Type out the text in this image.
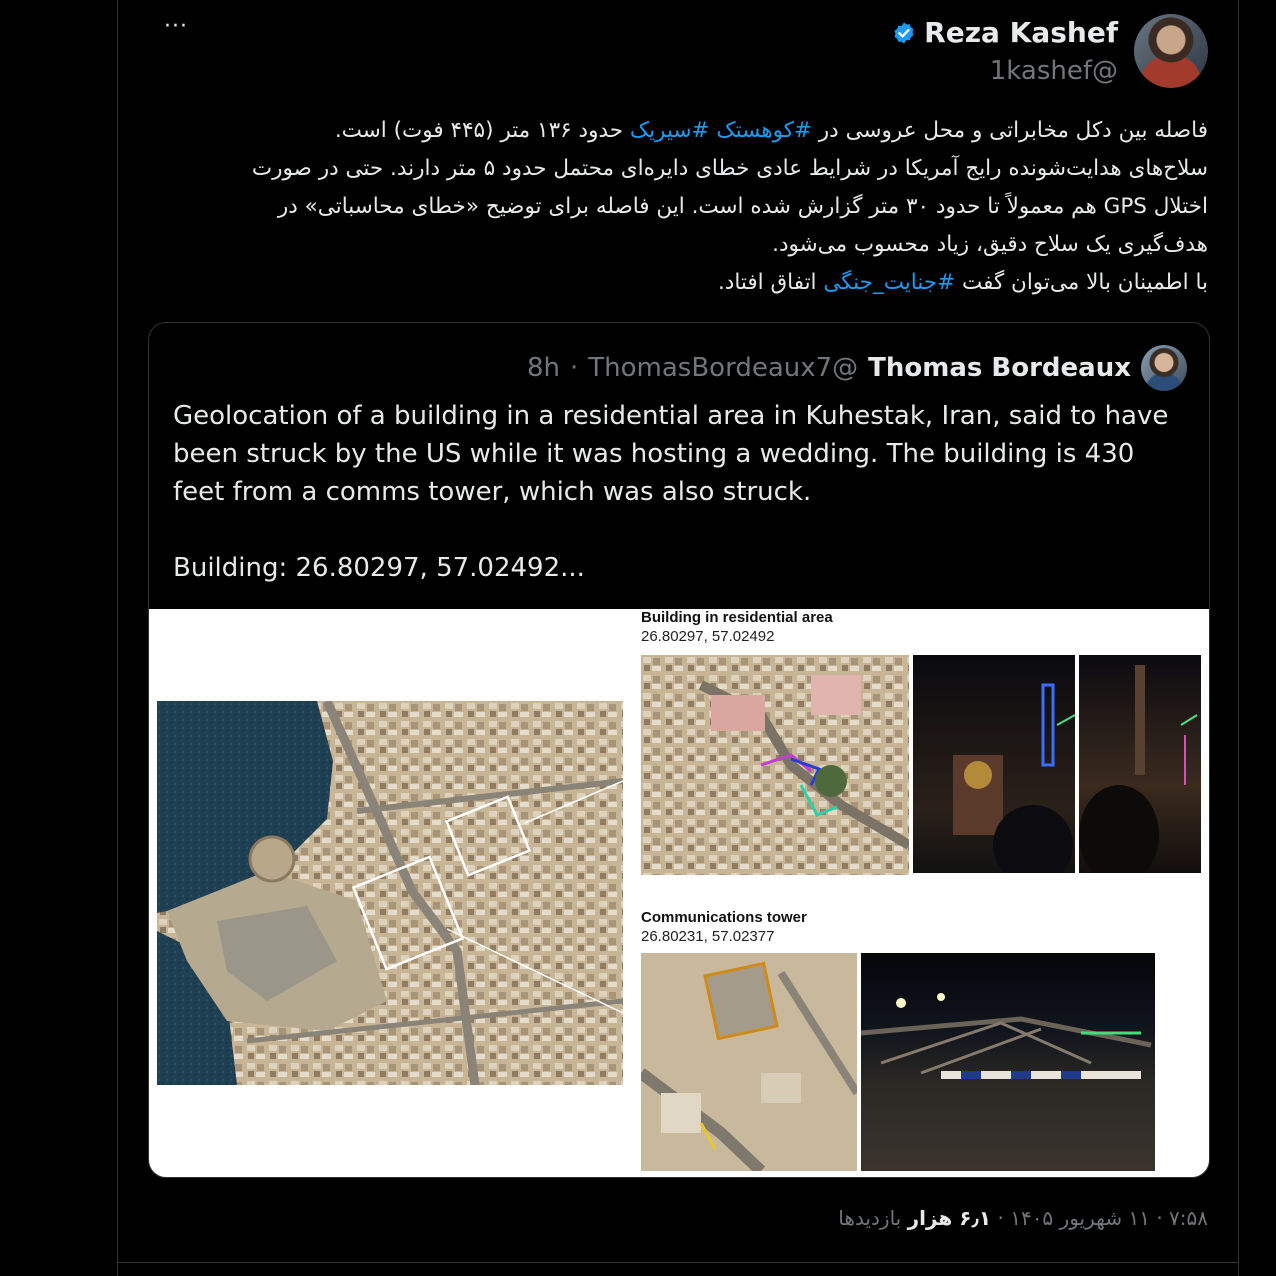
···	Reza Kashef
1kashef@

فاصله بین دکل مخابراتی و محل عروسی در #کوهستک #سیریک حدود ۱۳۶ متر (۴۴۵ فوت) است.

سلاح‌های هدایت‌شونده رایج آمریکا در شرایط عادی خطای دایره‌ای محتمل حدود ۵ متر دارند. حتی در صورت اختلال GPS هم معمولاً تا حدود ۳۰ متر گزارش شده است. این فاصله برای توضیح «خطای محاسباتی» در هدف‌گیری یک سلاح دقیق، زیاد محسوب می‌شود.

با اطمینان بالا می‌توان گفت #جنایت_جنگی اتفاق افتاد.

8h · ThomasBordeaux7@ Thomas Bordeaux

Geolocation of a building in a residential area in Kuhestak, Iran, said to have been struck by the US while it was hosting a wedding. The building is 430 feet from a comms tower, which was also struck.

Building: 26.80297, 57.02492...

Building in residential area
26.80297, 57.02492
Communications tower
26.80231, 57.02377
۷:۵۸ · ۱۱ شهریور ۱۴۰۵ · ۶٫۱ هزار بازدیدها
